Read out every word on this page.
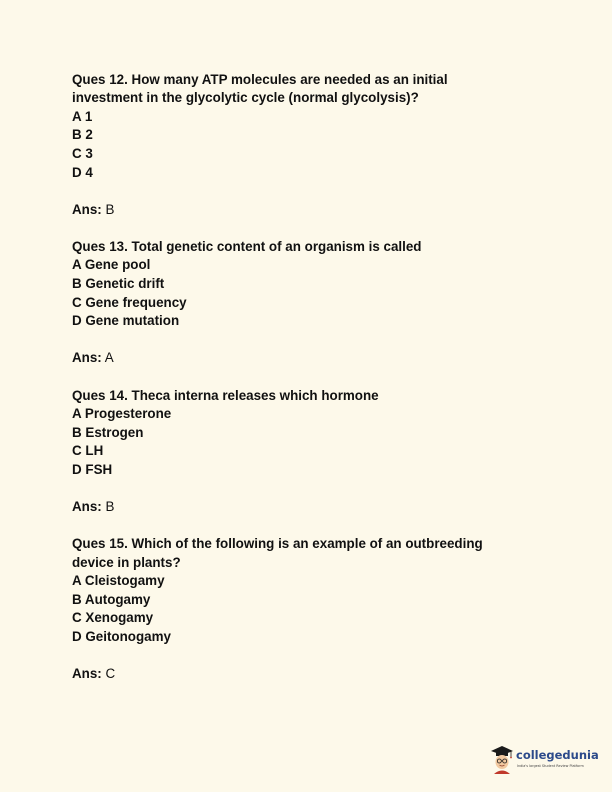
Ques 12. How many ATP molecules are needed as an initial
investment in the glycolytic cycle (normal glycolysis)?
A 1
B 2
C 3
D 4
Ans: B
Ques 13. Total genetic content of an organism is called
A Gene pool
B Genetic drift
C Gene frequency
D Gene mutation
Ans: A
Ques 14. Theca interna releases which hormone
A Progesterone
B Estrogen
C LH
D FSH
Ans: B
Ques 15. Which of the following is an example of an outbreeding
device in plants?
A Cleistogamy
B Autogamy
C Xenogamy
D Geitonogamy
Ans: C
collegedunia
India's largest Student Review Platform
